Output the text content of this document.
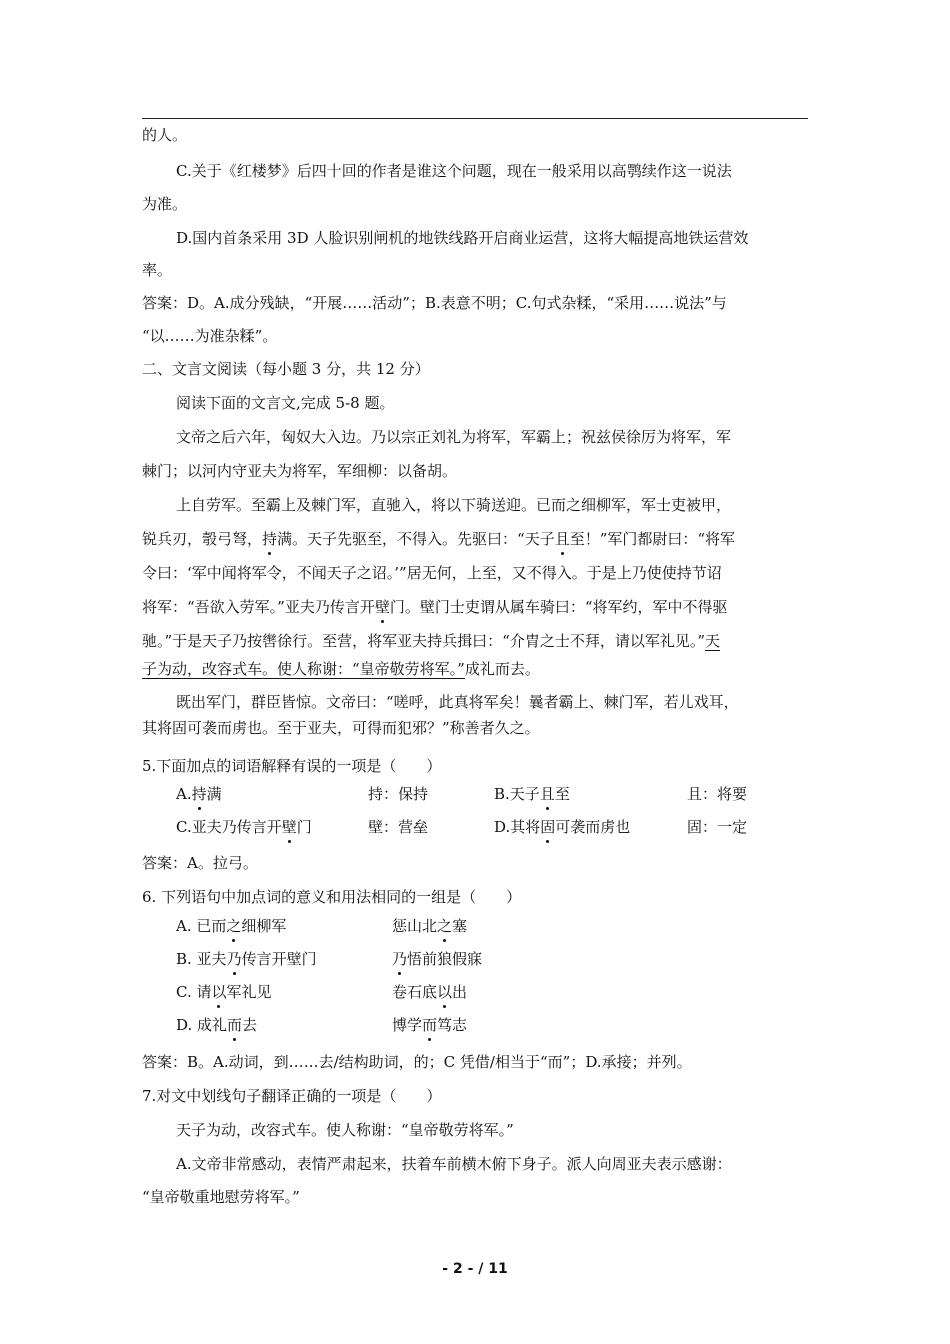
的人。
C.关于《红楼梦》后四十回的作者是谁这个问题，现在一般采用以高鹗续作这一说法
为准。
D.国内首条采用 3D 人脸识别闸机的地铁线路开启商业运营，这将大幅提高地铁运营效
率。
答案：D。A.成分残缺，“开展……活动”；B.表意不明；C.句式杂糅，“采用……说法”与
“以……为准杂糅”。
二、文言文阅读（每小题 3 分，共 12 分）
阅读下面的文言文,完成 5-8 题。
文帝之后六年，匈奴大入边。乃以宗正刘礼为将军，军霸上；祝兹侯徐厉为将军，军
棘门；以河内守亚夫为将军，军细柳：以备胡。
上自劳军。至霸上及棘门军，直驰入，将以下骑送迎。已而之细柳军，军士吏被甲，
锐兵刃，彀弓弩，持满。天子先驱至，不得入。先驱曰：“天子且至！”军门都尉曰：“将军
令曰：‘军中闻将军令，不闻天子之诏。’”居无何，上至，又不得入。于是上乃使使持节诏
将军：“吾欲入劳军。”亚夫乃传言开壁门。壁门士吏谓从属车骑曰：“将军约，军中不得驱
驰。”于是天子乃按辔徐行。至营，将军亚夫持兵揖曰：“介胄之士不拜，请以军礼见。”天
子为动，改容式车。使人称谢：“皇帝敬劳将军。”成礼而去。
既出军门，群臣皆惊。文帝曰：“嗟呼，此真将军矣！曩者霸上、棘门军，若儿戏耳，
其将固可袭而虏也。至于亚夫，可得而犯邪？”称善者久之。
5.下面加点的词语解释有误的一项是（　　）
A.持满	持：保持	B.天子且至	且：将要
C.亚夫乃传言开壁门	壁：营垒	D.其将固可袭而虏也	固：一定
答案：A。拉弓。
6. 下列语句中加点词的意义和用法相同的一组是（　　）
A. 已而之细柳军	惩山北之塞
B. 亚夫乃传言开壁门	乃悟前狼假寐
C. 请以军礼见	卷石底以出
D. 成礼而去	博学而笃志
答案：B。A.动词，到……去/结构助词，的；C 凭借/相当于“而”；D.承接；并列。
7.对文中划线句子翻译正确的一项是（　　）
天子为动，改容式车。使人称谢：“皇帝敬劳将军。”
A.文帝非常感动，表情严肃起来，扶着车前横木俯下身子。派人向周亚夫表示感谢：
“皇帝敬重地慰劳将军。”
- 2 - / 11
